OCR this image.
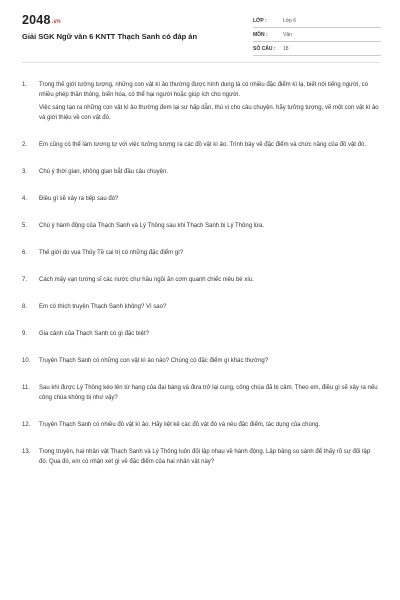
2048.vn
Giải SGK Ngữ văn 6 KNTT Thạch Sanh có đáp án
LỚP :	Lớp 6
MÔN :	Văn
SỐ CÂU :	18
1.	Trong thế giới tưởng tượng, những con vật kì ảo thường được hình dung là có nhiều đặc điểm kì lạ, biết nói tiếng người, có nhiều phép thần thông, biến hóa, có thể hại người hoặc giúp ích cho người.

Việc sáng tạo ra những con vật kì ảo thường đem lại sự hấp dẫn, thú vị cho câu chuyện. hãy tưởng tượng, vẽ một con vật kì ảo và giới thiệu về con vật đó.

2.	Em cũng có thể làm tương tự với việc tưởng tượng ra các đồ vật kì ảo. Trình bày về đặc điểm và chức năng của đồ vật đó.

3.	Chú ý thời gian, không gian bắt đầu câu chuyện.

4.	Điều gì sẽ xảy ra tiếp sau đó?

5.	Chú ý hành động của Thạch Sanh và Lý Thông sau khi Thạch Sanh bị Lý Thông lừa.

6.	Thế giới do vua Thủy Tề cai trị có những đặc điểm gì?

7.	Cách mấy vạn tướng sĩ các nước chư hầu ngồi ăn cơm quanh chiếc niêu bé xíu.

8.	Em có thích truyện Thạch Sanh không? Vì sao?

9.	Gia cảnh của Thạch Sanh có gì đặc biệt?

10.	Truyện Thạch Sanh có những con vật kì ảo nào? Chúng có đặc điểm gì khác thường?

11.	Sau khi được Lý Thông kéo lên từ hang của đại bàng và đưa trở lại cung, công chúa đã bị câm. Theo em, điều gì sẽ xảy ra nếu công chúa không bị như vậy?

12.	Truyện Thạch Sanh có nhiều đồ vật kì ảo. Hãy liệt kê các đồ vật đó và nêu đặc điểm, tác dụng của chúng.

13.	Trong truyện, hai nhân vật Thạch Sanh và Lý Thông luôn đối lập nhau về hành động. Lập bảng so sánh để thấy rõ sự đối lập đó. Qua đó, em có nhận xét gì về đặc điểm của hai nhân vật này?
